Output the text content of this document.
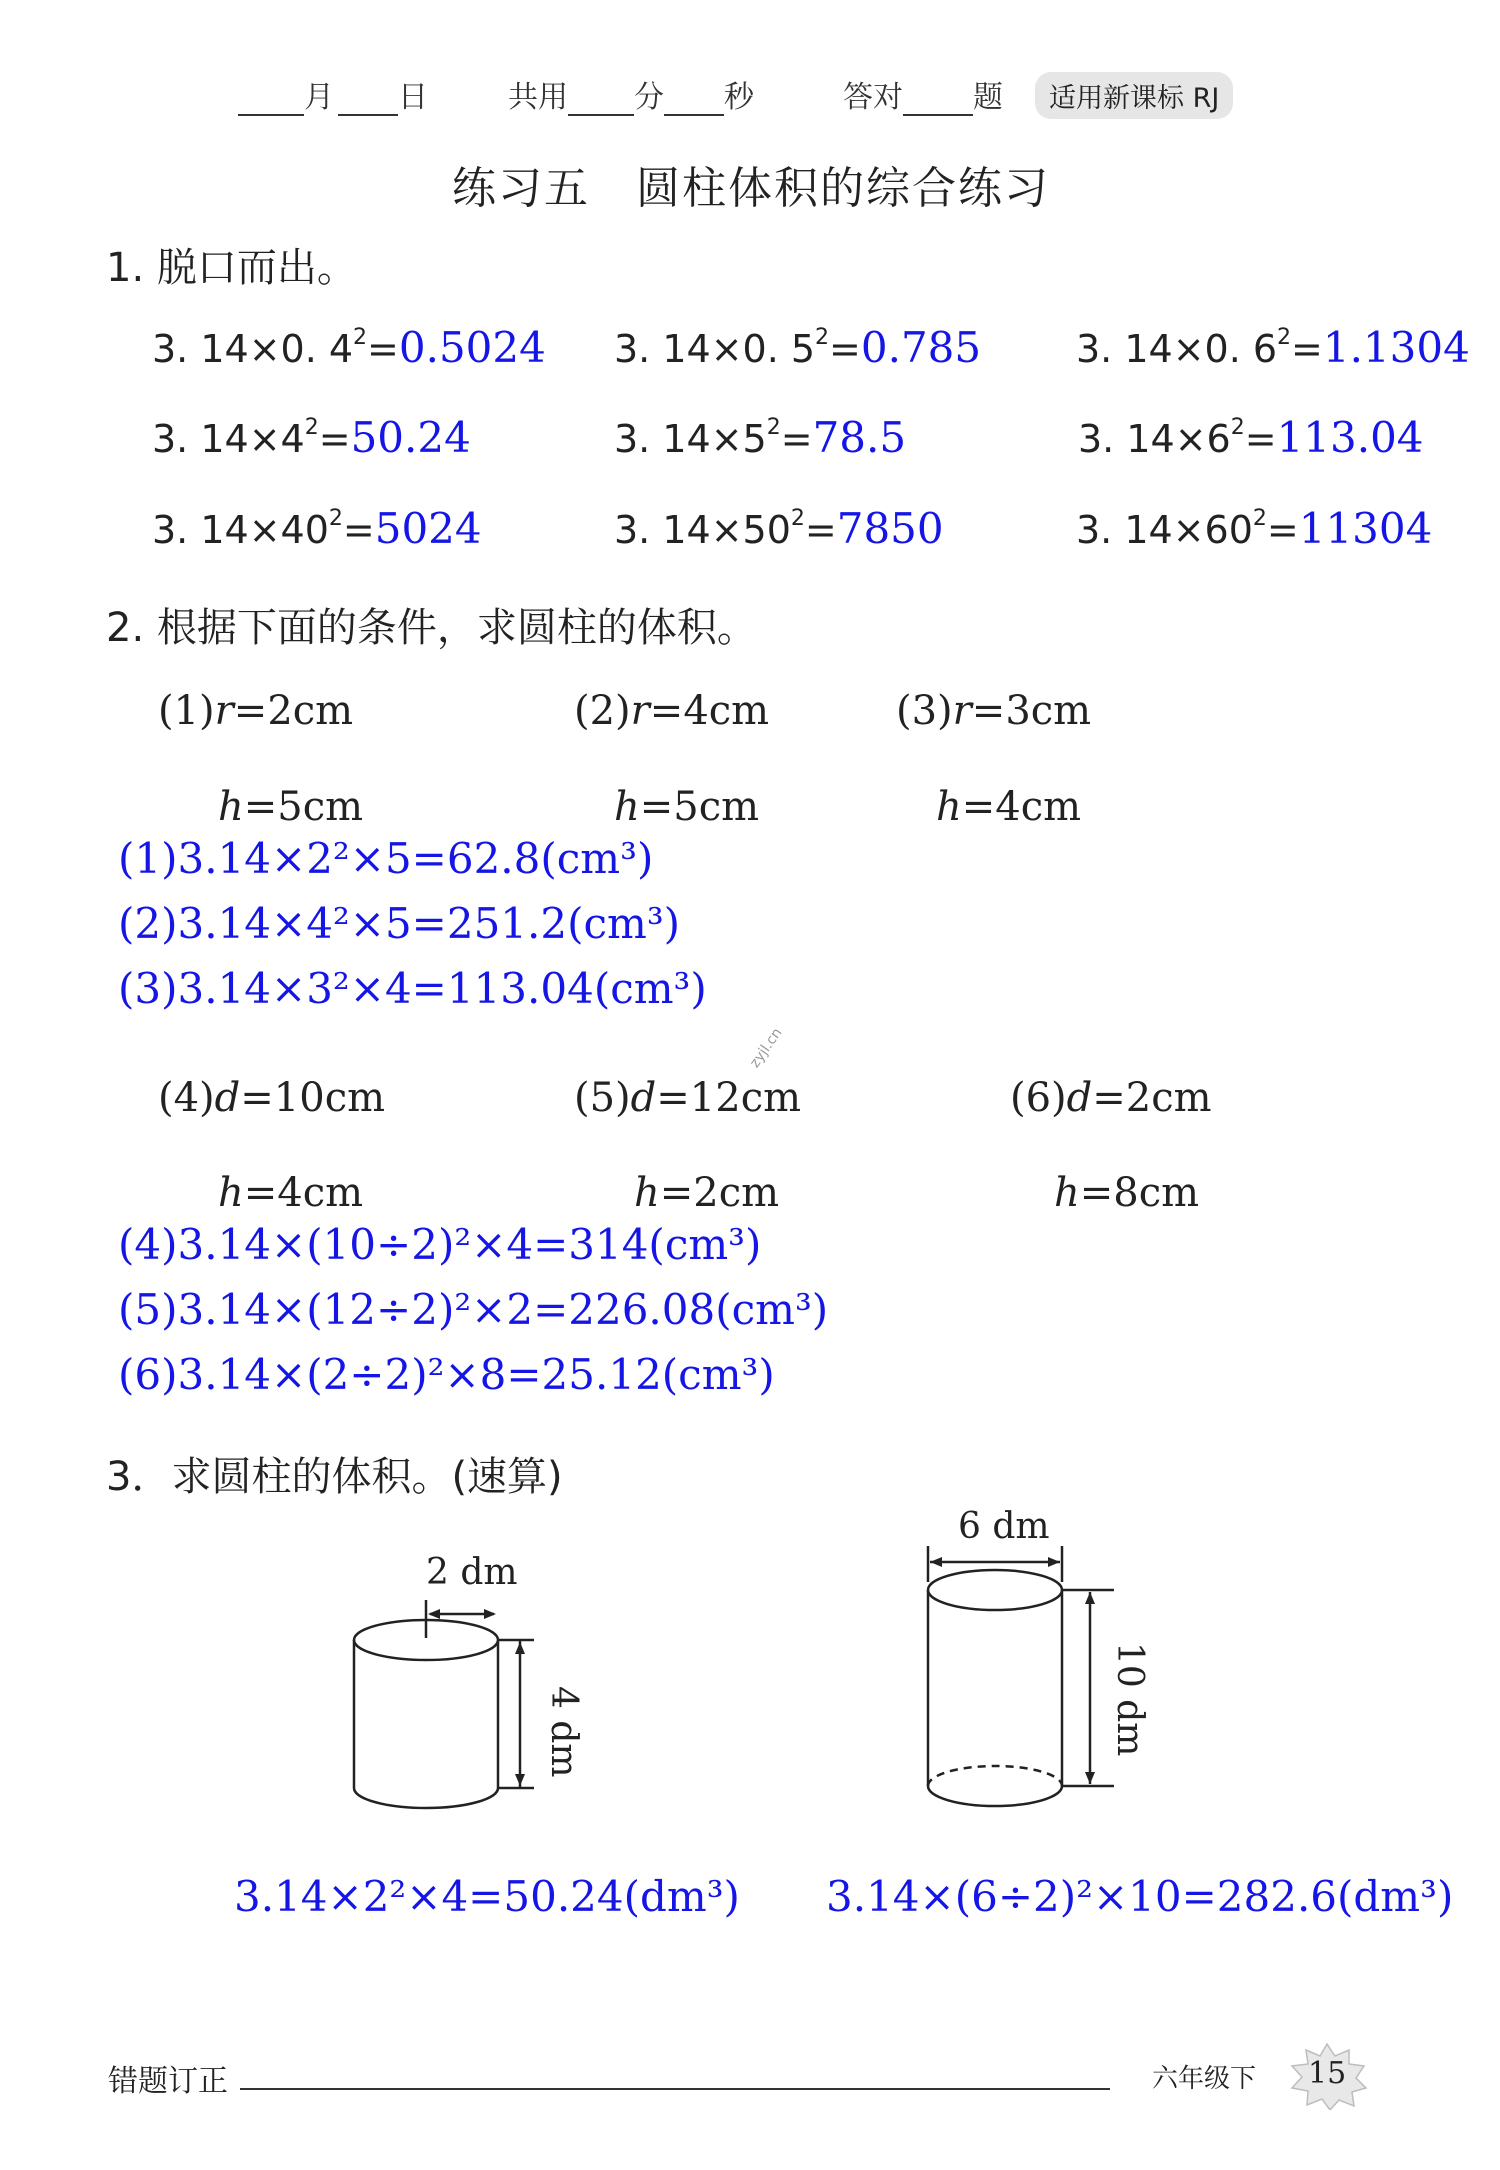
月 日	共用 分 秒	答对 题	适用新课标 RJ
练习五　圆柱体积的综合练习
1. 脱口而出。
3. 14×0. $4^2=0.5024$ 3. 14×0. $5^2=0.785$ 3. 14×0. $6^2=1.1304$
3. $14\times 4^2=50.24$	3. $14\times 5^2=78.5$	3. $14\times 6^2=113.04$
3. $14\times 40^2=5024$	3. $14\times 50^2=7850$	3. $14\times 60^2=11304$
2. 根据下面的条件，求圆柱的体积。
(1)r=2cm	(2)r=4cm	(3)r=3cm
h=5cm	h=5cm	h=4cm
(1)3.14×2²×5=62.8(cm³)
(2)3.14×4²×5=251.2(cm³)
(3)3.14×3²×4=113.04(cm³)
(4)d=10cm	(5)d=12cm	(6)d=2cm
zyjl.cn
h=4cm	h=2cm	h=8cm
(4)3.14×(10÷2)²×4=314(cm³)
(5)3.14×(12÷2)²×2=226.08(cm³)
(6)3.14×(2÷2)²×8=25.12(cm³)
3．求圆柱的体积。(速算)
2 dm
4 dm
6 dm
10 dm
3.14×2²×4=50.24(dm³) 3.14×(6÷2)²×10=282.6(dm³)
错题订正	六年级下 15
